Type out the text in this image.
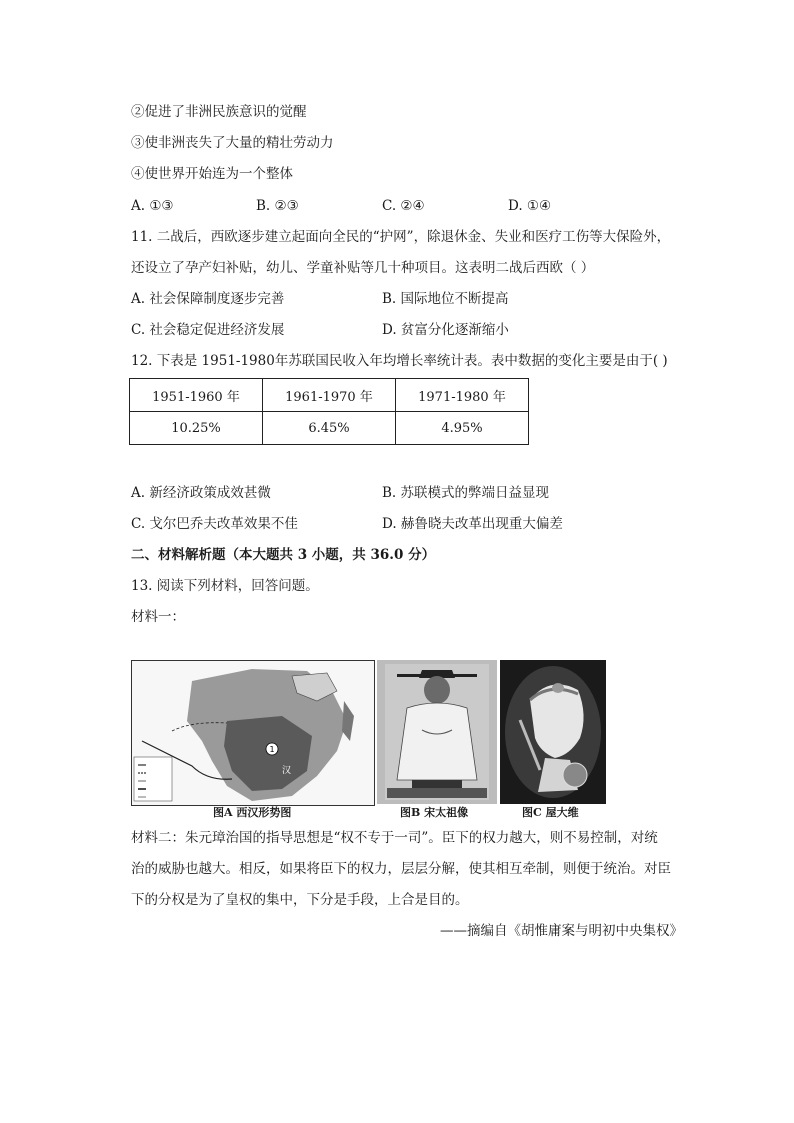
②促进了非洲民族意识的觉醒
③使非洲丧失了大量的精壮劳动力
④使世界开始连为一个整体
A. ①③	B. ②③	C. ②④	D. ①④
11. 二战后，西欧逐步建立起面向全民的“护网”，除退休金、失业和医疗工伤等大保险外，
还设立了孕产妇补贴，幼儿、学童补贴等几十种项目。这表明二战后西欧（ ）
A. 社会保障制度逐步完善	B. 国际地位不断提高
C. 社会稳定促进经济发展	D. 贫富分化逐渐缩小
12. 下表是 1951-1980年苏联国民收入年均增长率统计表。表中数据的变化主要是由于( )
1951-1960 年	1961-1970 年	1971-1980 年
10.25%	6.45%	4.95%
A. 新经济政策成效甚微	B. 苏联模式的弊端日益显现
C. 戈尔巴乔夫改革效果不佳	D. 赫鲁晓夫改革出现重大偏差
二、材料解析题（本大题共 3 小题，共 36.0 分）
13. 阅读下列材料，回答问题。
材料一：
1
汉
图A 西汉形势图	图B 宋太祖像	图C 屋大维
材料二：朱元璋治国的指导思想是“权不专于一司”。臣下的权力越大，则不易控制，对统
治的威胁也越大。相反，如果将臣下的权力，层层分解，使其相互牵制，则便于统治。对臣
下的分权是为了皇权的集中，下分是手段，上合是目的。
——摘编自《胡惟庸案与明初中央集权》
